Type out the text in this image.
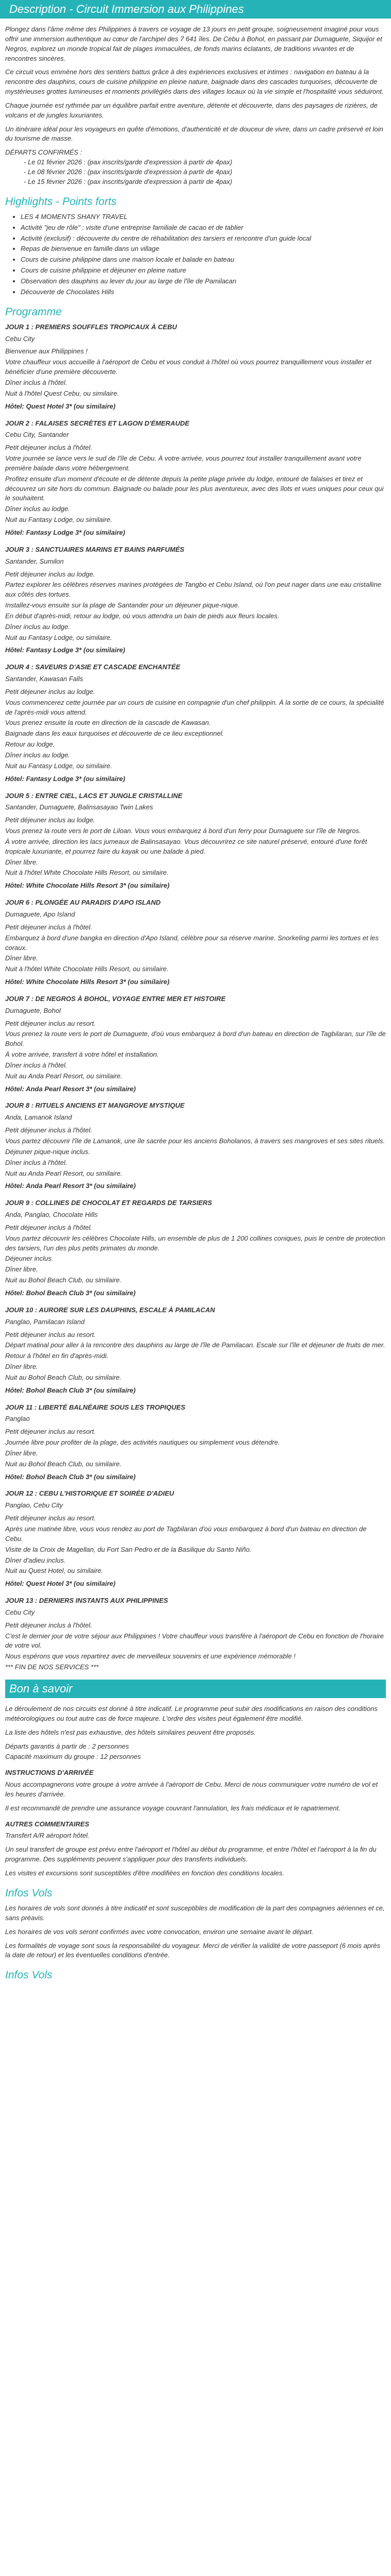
Description - Circuit Immersion aux Philippines

Plongez dans l'âme même des Philippines à travers ce voyage de 13 jours en petit groupe, soigneusement imaginé pour vous offrir une immersion authentique au cœur de l'archipel des 7 641 îles. De Cebu à Bohol, en passant par Dumaguete, Siquijor et Negros, explorez un monde tropical fait de plages immaculées, de fonds marins éclatants, de traditions vivantes et de rencontres sincères.

Ce circuit vous emmène hors des sentiers battus grâce à des expériences exclusives et intimes : navigation en bateau à la rencontre des dauphins, cours de cuisine philippine en pleine nature, baignade dans des cascades turquoises, découverte de mystérieuses grottes lumineuses et moments privilégiés dans des villages locaux où la vie simple et l'hospitalité vous séduiront.

Chaque journée est rythmée par un équilibre parfait entre aventure, détente et découverte, dans des paysages de rizières, de volcans et de jungles luxuriantes.

Un itinéraire idéal pour les voyageurs en quête d'émotions, d'authenticité et de douceur de vivre, dans un cadre préservé et loin du tourisme de masse.

DÉPARTS CONFIRMÉS :

- Le 01 février 2026 : (pax inscrits/garde d'expression à partir de 4pax)
- Le 08 février 2026 : (pax inscrits/garde d'expression à partir de 4pax)
- Le 15 février 2026 : (pax inscrits/garde d'expression à partir de 4pax)
Highlights - Points forts
• LES 4 MOMENTS SHANY TRAVEL
• Activité "jeu de rôle" : visite d'une entreprise familiale de cacao et de tablier
• Activité (exclusif) : découverte du centre de réhabilitation des tarsiers et rencontre d'un guide local
• Repas de bienvenue en famille dans un village
• Cours de cuisine philippine dans une maison locale et balade en bateau
• Cours de cuisine philippine et déjeuner en pleine nature
• Observation des dauphins au lever du jour au large de l'île de Pamilacan
• Découverte de Chocolates Hills
Programme
JOUR 1 : PREMIERS SOUFFLES TROPICAUX À CEBU
Cebu City

Bienvenue aux Philippines !

Votre chauffeur vous accueille à l'aéroport de Cebu et vous conduit à l'hôtel où vous pourrez tranquillement vous installer et bénéficier d'une première découverte.

Dîner inclus à l'hôtel.

Nuit à l'hôtel Quest Cebu, ou similaire.

Hôtel: Quest Hotel 3* (ou similaire)
JOUR 2 : FALAISES SECRÈTES ET LAGON D'ÉMERAUDE
Cebu City, Santander

Petit déjeuner inclus à l'hôtel.

Votre journée se lance vers le sud de l'île de Cebu. À votre arrivée, vous pourrez tout installer tranquillement avant votre première balade dans votre hébergement.

Profitez ensuite d'un moment d'écoute et de détente depuis la petite plage privée du lodge, entouré de falaises et tirez et découvrez un site hors du commun. Baignade ou balade pour les plus aventureux, avec des îlots et vues uniques pour ceux qui le souhaitent.

Dîner inclus au lodge.

Nuit au Fantasy Lodge, ou similaire.

Hôtel: Fantasy Lodge 3* (ou similaire)
JOUR 3 : SANCTUAIRES MARINS ET BAINS PARFUMÉS
Santander, Sumilon

Petit déjeuner inclus au lodge.

Partez explorer les célèbres réserves marines protégées de Tangbo et Cebu Island, où l'on peut nager dans une eau cristalline aux côtés des tortues.

Installez-vous ensuite sur la plage de Santander pour un déjeuner pique-nique.

En début d'après-midi, retour au lodge, où vous attendra un bain de pieds aux fleurs locales.

Dîner inclus au lodge.

Nuit au Fantasy Lodge, ou similaire.

Hôtel: Fantasy Lodge 3* (ou similaire)
JOUR 4 : SAVEURS D'ASIE ET CASCADE ENCHANTÉE
Santander, Kawasan Falls

Petit déjeuner inclus au lodge.

Vous commencerez cette journée par un cours de cuisine en compagnie d'un chef philippin. À la sortie de ce cours, la spécialité de l'après-midi vous attend.

Vous prenez ensuite la route en direction de la cascade de Kawasan.

Baignade dans les eaux turquoises et découverte de ce lieu exceptionnel.

Retour au lodge.

Dîner inclus au lodge.

Nuit au Fantasy Lodge, ou similaire.

Hôtel: Fantasy Lodge 3* (ou similaire)
JOUR 5 : ENTRE CIEL, LACS ET JUNGLE CRISTALLINE
Santander, Dumaguete, Balinsasayao Twin Lakes

Petit déjeuner inclus au lodge.

Vous prenez la route vers le port de Liloan. Vous vous embarquez à bord d'un ferry pour Dumaguete sur l'île de Negros.

À votre arrivée, direction les lacs jumeaux de Balinsasayao. Vous découvrirez ce site naturel préservé, entouré d'une forêt tropicale luxuriante, et pourrez faire du kayak ou une balade à pied.

Dîner libre.

Nuit à l'hôtel White Chocolate Hills Resort, ou similaire.

Hôtel: White Chocolate Hills Resort 3* (ou similaire)
JOUR 6 : PLONGÉE AU PARADIS D'APO ISLAND
Dumaguete, Apo Island

Petit déjeuner inclus à l'hôtel.

Embarquez à bord d'une bangka en direction d'Apo Island, célèbre pour sa réserve marine. Snorkeling parmi les tortues et les coraux.

Dîner libre.

Nuit à l'hôtel White Chocolate Hills Resort, ou similaire.

Hôtel: White Chocolate Hills Resort 3* (ou similaire)
JOUR 7 : DE NEGROS À BOHOL, VOYAGE ENTRE MER ET HISTOIRE
Dumaguete, Bohol

Petit déjeuner inclus au resort.

Vous prenez la route vers le port de Dumaguete, d'où vous embarquez à bord d'un bateau en direction de Tagbilaran, sur l'île de Bohol.

À votre arrivée, transfert à votre hôtel et installation.

Dîner inclus à l'hôtel.

Nuit au Anda Pearl Resort, ou similaire.

Hôtel: Anda Pearl Resort 3* (ou similaire)
JOUR 8 : RITUELS ANCIENS ET MANGROVE MYSTIQUE
Anda, Lamanok Island

Petit déjeuner inclus à l'hôtel.

Vous partez découvrir l'île de Lamanok, une île sacrée pour les anciens Boholanos, à travers ses mangroves et ses sites rituels.

Déjeuner pique-nique inclus.

Dîner inclus à l'hôtel.

Nuit au Anda Pearl Resort, ou similaire.

Hôtel: Anda Pearl Resort 3* (ou similaire)
JOUR 9 : COLLINES DE CHOCOLAT ET REGARDS DE TARSIERS
Anda, Panglao, Chocolate Hills

Petit déjeuner inclus à l'hôtel.

Vous partez découvrir les célèbres Chocolate Hills, un ensemble de plus de 1 200 collines coniques, puis le centre de protection des tarsiers, l'un des plus petits primates du monde.

Déjeuner inclus.

Dîner libre.

Nuit au Bohol Beach Club, ou similaire.

Hôtel: Bohol Beach Club 3* (ou similaire)
JOUR 10 : AURORE SUR LES DAUPHINS, ESCALE À PAMILACAN
Panglao, Pamilacan Island

Petit déjeuner inclus au resort.

Départ matinal pour aller à la rencontre des dauphins au large de l'île de Pamilacan. Escale sur l'île et déjeuner de fruits de mer.

Retour à l'hôtel en fin d'après-midi.

Dîner libre.

Nuit au Bohol Beach Club, ou similaire.

Hôtel: Bohol Beach Club 3* (ou similaire)
JOUR 11 : LIBERTÉ BALNÉAIRE SOUS LES TROPIQUES
Panglao

Petit déjeuner inclus au resort.

Journée libre pour profiter de la plage, des activités nautiques ou simplement vous détendre.

Dîner libre.

Nuit au Bohol Beach Club, ou similaire.

Hôtel: Bohol Beach Club 3* (ou similaire)
JOUR 12 : CEBU L'HISTORIQUE ET SOIRÉE D'ADIEU
Panglao, Cebu City

Petit déjeuner inclus au resort.

Après une matinée libre, vous vous rendez au port de Tagbilaran d'où vous embarquez à bord d'un bateau en direction de Cebu.

Visite de la Croix de Magellan, du Fort San Pedro et de la Basilique du Santo Niño.

Dîner d'adieu inclus.

Nuit au Quest Hotel, ou similaire.

Hôtel: Quest Hotel 3* (ou similaire)
JOUR 13 : DERNIERS INSTANTS AUX PHILIPPINES
Cebu City

Petit déjeuner inclus à l'hôtel.

C'est le dernier jour de votre séjour aux Philippines ! Votre chauffeur vous transfère à l'aéroport de Cebu en fonction de l'horaire de votre vol.

Nous espérons que vous repartirez avec de merveilleux souvenirs et une expérience mémorable !

*** FIN DE NOS SERVICES ***

Bon à savoir

Le déroulement de nos circuits est donné à titre indicatif. Le programme peut subir des modifications en raison des conditions météorologiques ou tout autre cas de force majeure. L'ordre des visites peut également être modifié.

La liste des hôtels n'est pas exhaustive, des hôtels similaires peuvent être proposés.

Départs garantis à partir de : 2 personnes

Capacité maximum du groupe : 12 personnes

INSTRUCTIONS D'ARRIVÉE

Nous accompagnerons votre groupe à votre arrivée à l'aéroport de Cebu. Merci de nous communiquer votre numéro de vol et les heures d'arrivée.

Il est recommandé de prendre une assurance voyage couvrant l'annulation, les frais médicaux et le rapatriement.

AUTRES COMMENTAIRES

Transfert A/R aéroport hôtel.

Un seul transfert de groupe est prévu entre l'aéroport et l'hôtel au début du programme, et entre l'hôtel et l'aéroport à la fin du programme. Des suppléments peuvent s'appliquer pour des transferts individuels.

Les visites et excursions sont susceptibles d'être modifiées en fonction des conditions locales.

Infos Vols

Les horaires de vols sont donnés à titre indicatif et sont susceptibles de modification de la part des compagnies aériennes et ce, sans préavis.

Les horaires de vos vols seront confirmés avec votre convocation, environ une semaine avant le départ.

Les formalités de voyage sont sous la responsabilité du voyageur. Merci de vérifier la validité de votre passeport (6 mois après la date de retour) et les éventuelles conditions d'entrée.

Infos Vols
